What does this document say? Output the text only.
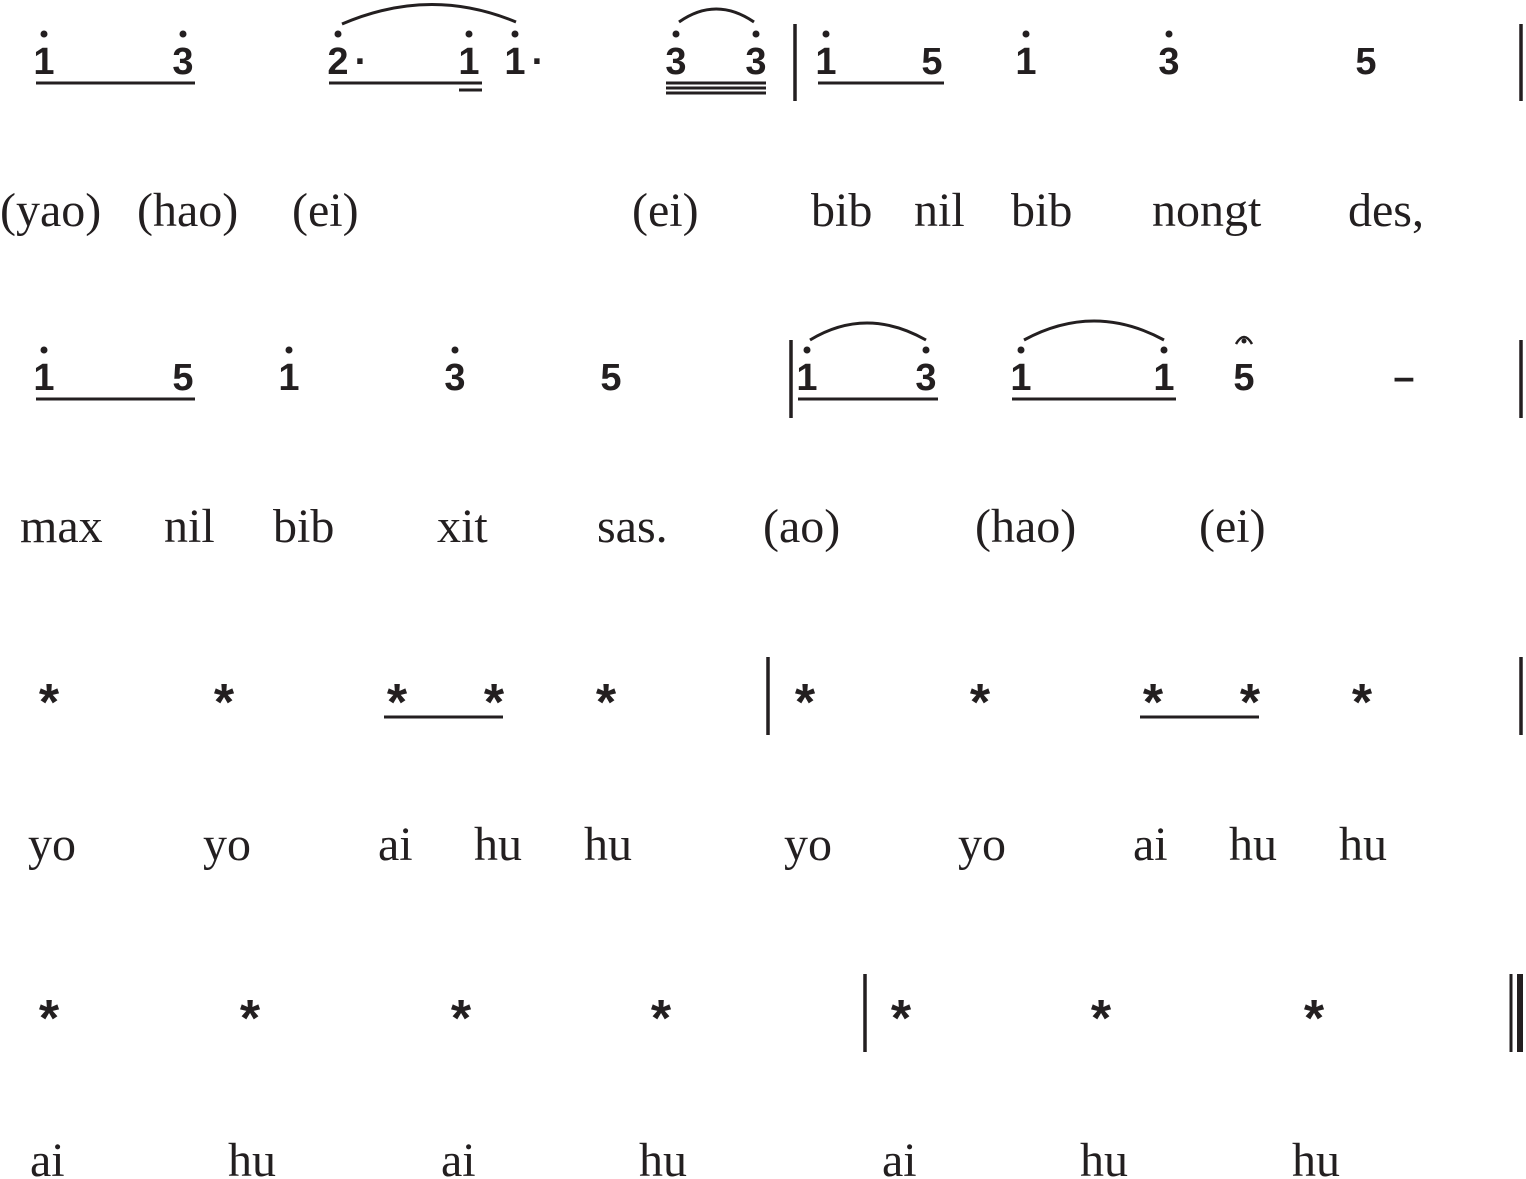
1	3	2 · 1 1 ·	3 3 1 5 1	3	5
(yao) (hao) (ei)	(ei) bib nil bib nongt des,
1	5 1	3	5	1	3 1	1 5	–
max nil bib xit sas. (ao)	(hao)	(ei)
*	*	* * *	*	*	* * *
yo	yo	ai hu hu	yo	yo	ai hu hu
*	*	*	*	*	*	*
ai	hu	ai	hu	ai	hu	hu
